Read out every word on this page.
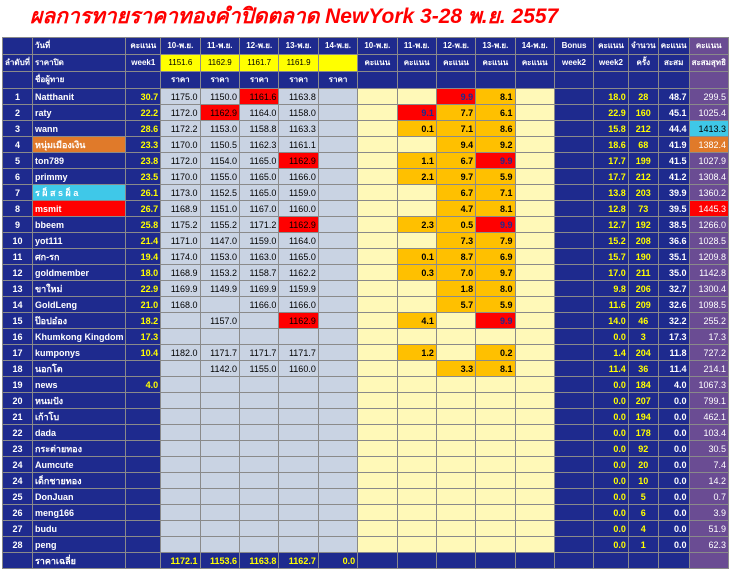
ผลการทายราคาทองคำปิดตลาด NewYork 3-28 พ.ย. 2557
	วันที่	คะแนน	10-พ.ย.	11-พ.ย.	12-พ.ย.	13-พ.ย.	14-พ.ย.	10-พ.ย.	11-พ.ย.	12-พ.ย.	13-พ.ย.	14-พ.ย.	Bonus	คะแนน	จำนวน	คะแนน	คะแนน
ลำดับที่	ราคาปิด	week1	1151.6	1162.9	1161.7	1161.9		คะแนน	คะแนน	คะแนน	คะแนน	คะแนน	week2	week2	ครั้ง	สะสม	สะสมสุทธิ
	ชื่อผู้ทาย		ราคา	ราคา	ราคา	ราคา	ราคา										
1	Natthanit	30.7	1175.0	1150.0	1161.6	1163.8				9.9	8.1			18.0	28	48.7	299.5
2	raty	22.2	1172.0	1162.9	1164.0	1158.0			9.1	7.7	6.1			22.9	160	45.1	1025.4
3	wann	28.6	1172.2	1153.0	1158.8	1163.3			0.1	7.1	8.6			15.8	212	44.4	1413.3
4	หนุ่มเมืองเงิน	23.3	1170.0	1150.5	1162.3	1161.1				9.4	9.2			18.6	68	41.9	1382.4
5	ton789	23.8	1172.0	1154.0	1165.0	1162.9			1.1	6.7	9.9			17.7	199	41.5	1027.9
6	primmy	23.5	1170.0	1155.0	1165.0	1166.0			2.1	9.7	5.9			17.7	212	41.2	1308.4
7	ร ผ็ ส s ผ็ a	26.1	1173.0	1152.5	1165.0	1159.0				6.7	7.1			13.8	203	39.9	1360.2
8	msmit	26.7	1168.9	1151.0	1167.0	1160.0				4.7	8.1			12.8	73	39.5	1445.3
9	bbeem	25.8	1175.2	1155.2	1171.2	1162.9			2.3	0.5	9.9			12.7	192	38.5	1266.0
10	yot111	21.4	1171.0	1147.0	1159.0	1164.0				7.3	7.9			15.2	208	36.6	1028.5
11	ศก-รก	19.4	1174.0	1153.0	1163.0	1165.0			0.1	8.7	6.9			15.7	190	35.1	1209.8
12	goldmember	18.0	1168.9	1153.2	1158.7	1162.2			0.3	7.0	9.7			17.0	211	35.0	1142.8
13	ขาใหม่	22.9	1169.9	1149.9	1169.9	1159.9				1.8	8.0			9.8	206	32.7	1300.4
14	GoldLeng	21.0	1168.0		1166.0	1166.0				5.7	5.9			11.6	209	32.6	1098.5
15	ป๊อปอ๋อง	18.2		1157.0		1162.9			4.1		9.9			14.0	46	32.2	255.2
16	Khumkong Kingdom	17.3												0.0	3	17.3	17.3
17	kumponys	10.4	1182.0	1171.7	1171.7	1171.7			1.2		0.2			1.4	204	11.8	727.2
18	นอกโต			1142.0	1155.0	1160.0				3.3	8.1			11.4	36	11.4	214.1
19	news	4.0												0.0	184	4.0	1067.3
20	หนมปัง													0.0	207	0.0	799.1
21	เก้าโบ													0.0	194	0.0	462.1
22	dada													0.0	178	0.0	103.4
23	กระต่ายทอง													0.0	92	0.0	30.5
24	Aumcute													0.0	20	0.0	7.4
24	เด็กชายทอง													0.0	10	0.0	14.2
25	DonJuan													0.0	5	0.0	0.7
26	meng166													0.0	6	0.0	3.9
27	budu													0.0	4	0.0	51.9
28	peng													0.0	1	0.0	62.3
	ราคาเฉลี่ย		1172.1	1153.6	1163.8	1162.7	0.0										
